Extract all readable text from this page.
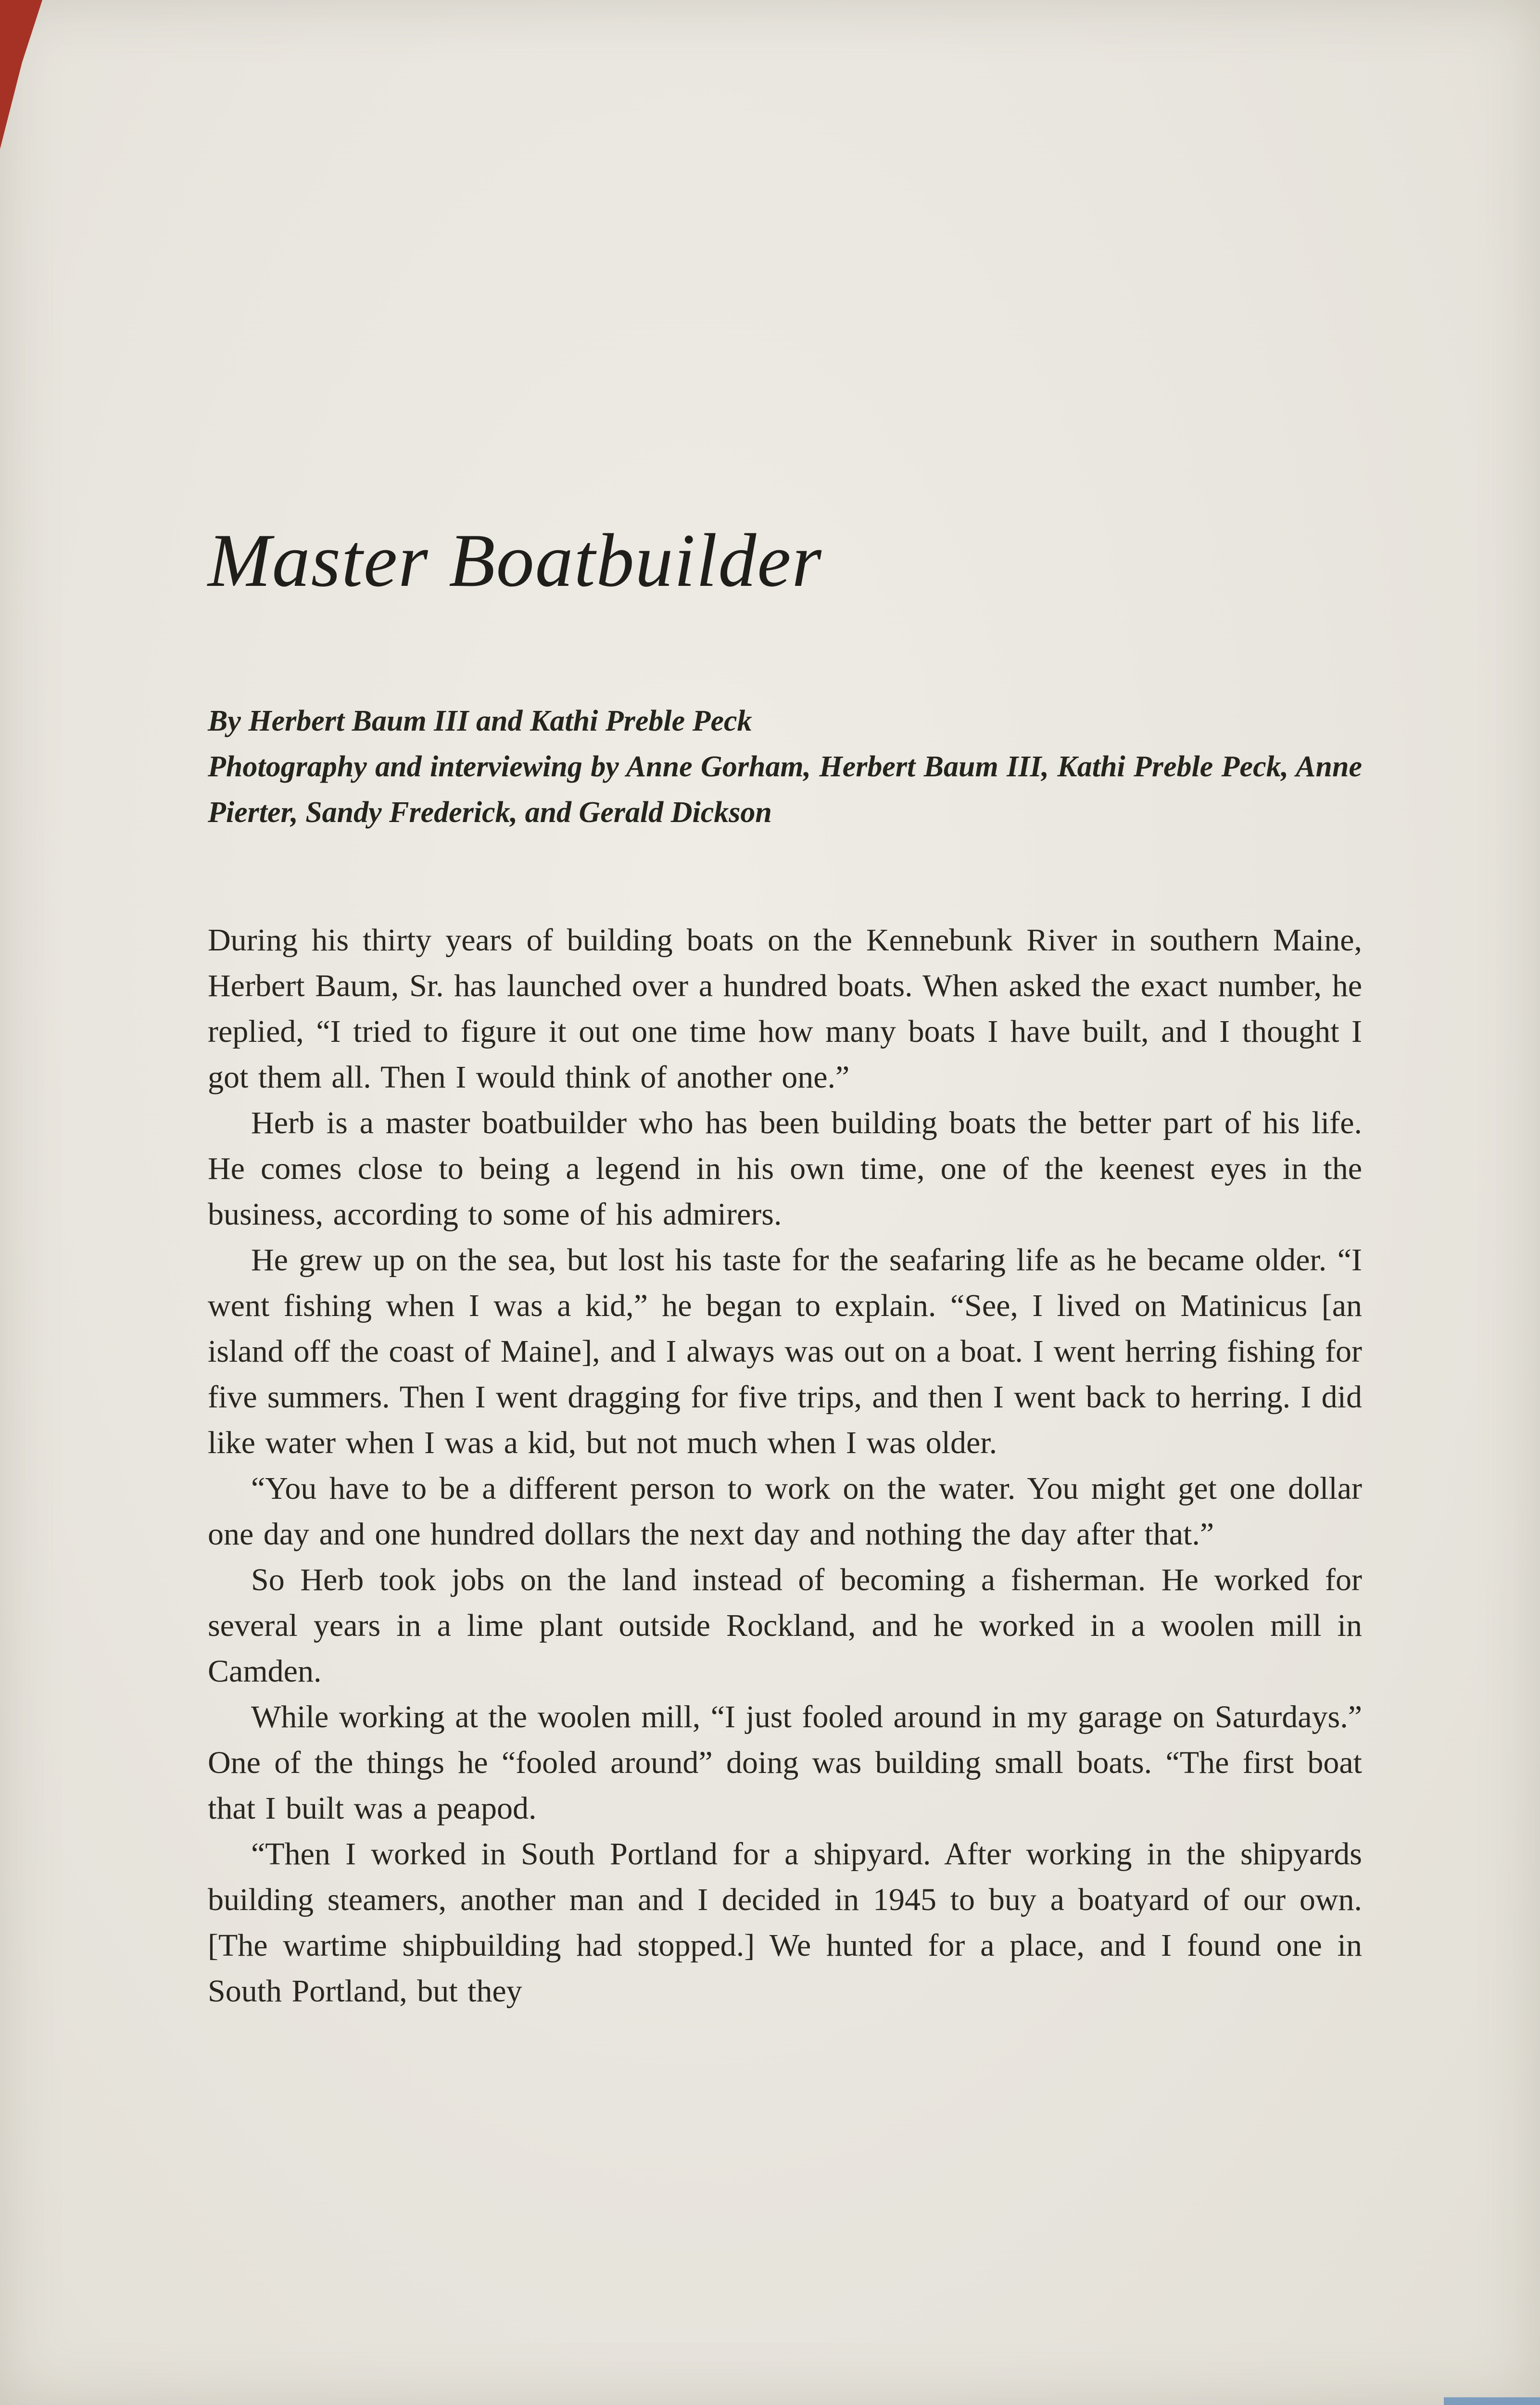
Master Boatbuilder

By Herbert Baum III and Kathi Preble Peck

Photography and interviewing by Anne Gorham, Herbert Baum III, Kathi Preble Peck, Anne Pierter, Sandy Frederick, and Gerald Dickson

During his thirty years of building boats on the Kennebunk River in southern Maine, Herbert Baum, Sr. has launched over a hundred boats. When asked the exact number, he replied, “I tried to figure it out one time how many boats I have built, and I thought I got them all. Then I would think of another one.”

Herb is a master boatbuilder who has been building boats the better part of his life. He comes close to being a legend in his own time, one of the keenest eyes in the business, according to some of his admirers.

He grew up on the sea, but lost his taste for the seafaring life as he became older. “I went fishing when I was a kid,” he began to explain. “See, I lived on Matinicus [an island off the coast of Maine], and I always was out on a boat. I went herring fishing for five summers. Then I went dragging for five trips, and then I went back to herring. I did like water when I was a kid, but not much when I was older.

“You have to be a different person to work on the water. You might get one dollar one day and one hundred dollars the next day and nothing the day after that.”

So Herb took jobs on the land instead of becoming a fisherman. He worked for several years in a lime plant outside Rockland, and he worked in a woolen mill in Camden.

While working at the woolen mill, “I just fooled around in my garage on Saturdays.” One of the things he “fooled around” doing was building small boats. “The first boat that I built was a peapod.

“Then I worked in South Portland for a shipyard. After working in the shipyards building steamers, another man and I decided in 1945 to buy a boatyard of our own. [The wartime shipbuilding had stopped.] We hunted for a place, and I found one in South Portland, but they
